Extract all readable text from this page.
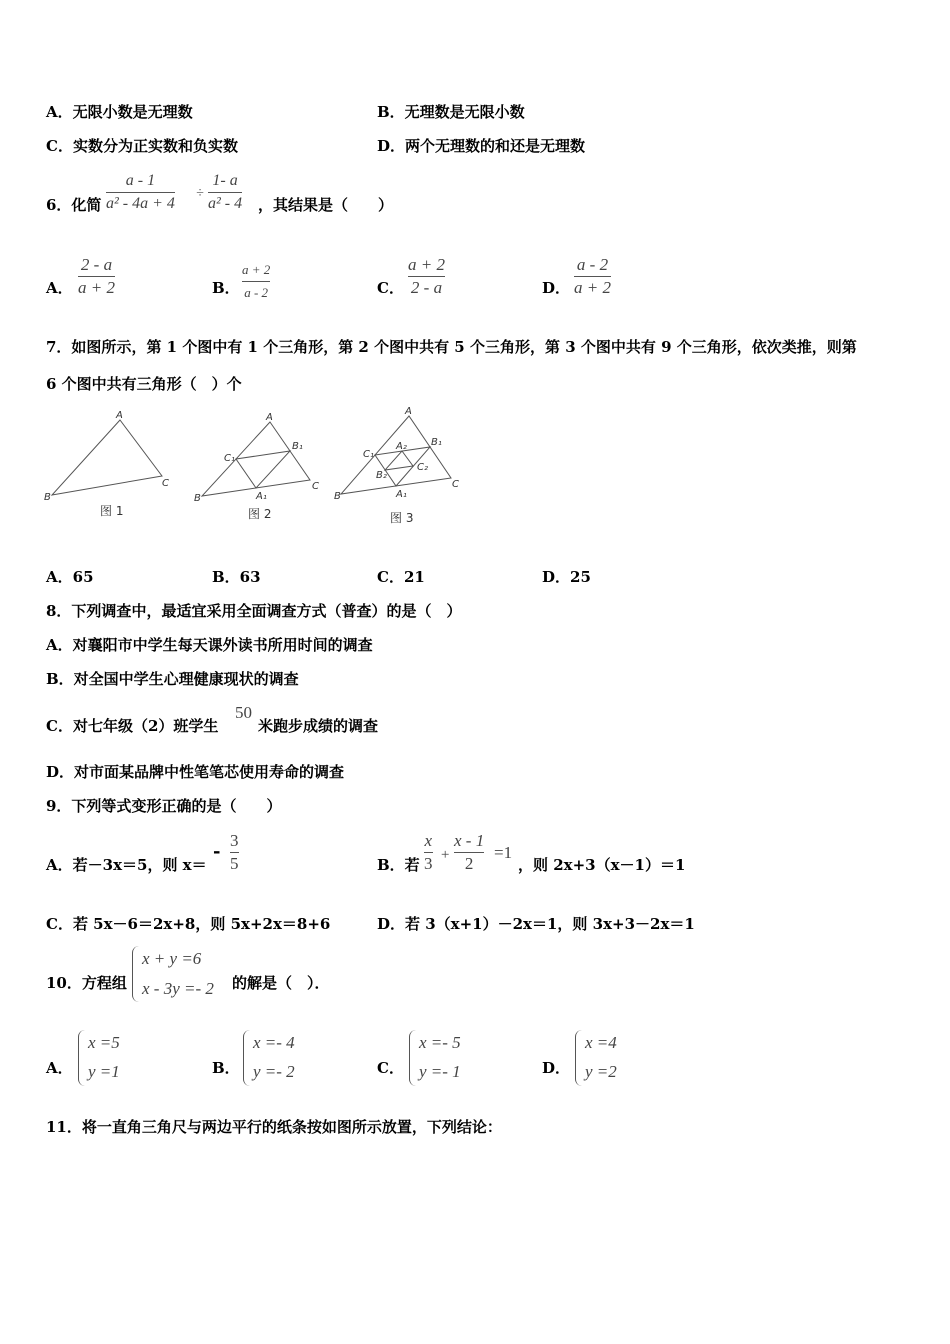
A．无限小数是无理数	B．无理数是无限小数
C．实数分为正实数和负实数	D．两个无理数的和还是无理数
6．化简
a - 1
a² - 4a + 4
÷
1- a
a² - 4 ，其结果是（　　）
A．
2 - a
a + 2	B．
a + 2
a - 2	C．
a + 2
2 - a	D．
a - 2
a + 2
7．如图所示，第 1 个图中有 1 个三角形，第 2 个图中共有 5 个三角形，第 3 个图中共有 9 个三角形，依次类推，则第
6 个图中共有三角形（　）个
A
B
C
A
B
C
C₁
B₁
A₁
A
B
C
C₁
B₁
A₁
A₂
B₂
C₂
图 1	图 2	图 3
A．65	B．63	C．21	D．25
8．下列调查中，最适宜采用全面调查方式（普查）的是（　）
A．对襄阳市中学生每天课外读书所用时间的调查
B．对全国中学生心理健康现状的调查
C．对七年级（2）班学生
50
米跑步成绩的调查
D．对市面某品牌中性笔笔芯使用寿命的调查
9．下列等式变形正确的是（　　）
A．若－3x＝5，则 x＝
-
3
5	B．若
x
3 +
x - 1
2
=1
，则 2x+3（x－1）＝1
C．若 5x－6＝2x+8，则 5x+2x＝8+6	D．若 3（x+1）－2x＝1，则 3x+3－2x＝1
10．方程组
x + y =6
x - 3y =- 2 的解是（　）．
A．
x =5
y =1	B．
x =- 4
y =- 2	C．
x =- 5
y =- 1	D．
x =4
y =2
11．将一直角三角尺与两边平行的纸条按如图所示放置，下列结论：
